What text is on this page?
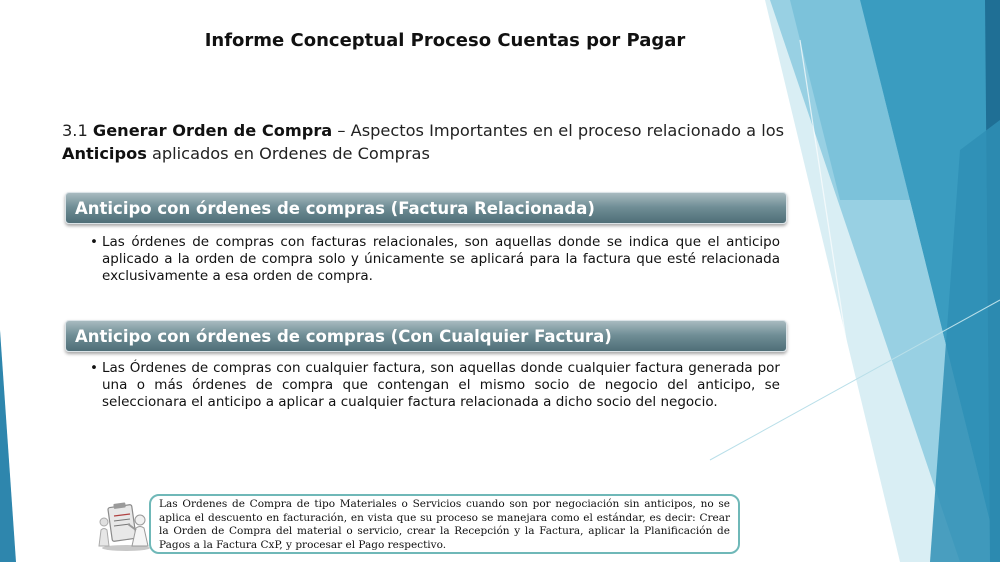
Informe Conceptual Proceso Cuentas por Pagar
3.1 Generar Orden de Compra – Aspectos Importantes en el proceso relacionado a los
Anticipos aplicados en Ordenes de Compras
Anticipo con órdenes de compras (Factura Relacionada)
• Las órdenes de compras con facturas relacionales, son aquellas donde se indica que el anticipo aplicado a la orden de compra solo y únicamente se aplicará para la factura que esté relacionada exclusivamente a esa orden de compra.
Anticipo con órdenes de compras (Con Cualquier Factura)
• Las Órdenes de compras con cualquier factura, son aquellas donde cualquier factura generada por una o más órdenes de compra que contengan el mismo socio de negocio del anticipo, se seleccionara el anticipo a aplicar a cualquier factura relacionada a dicho socio del negocio.
Las Ordenes de Compra de tipo Materiales o Servicios cuando son por negociación sin anticipos, no se aplica el descuento en facturación, en vista que su proceso se manejara como el estándar, es decir: Crear la Orden de Compra del material o servicio, crear la Recepción y la Factura, aplicar la Planificación de Pagos a la Factura CxP, y procesar el Pago respectivo.
